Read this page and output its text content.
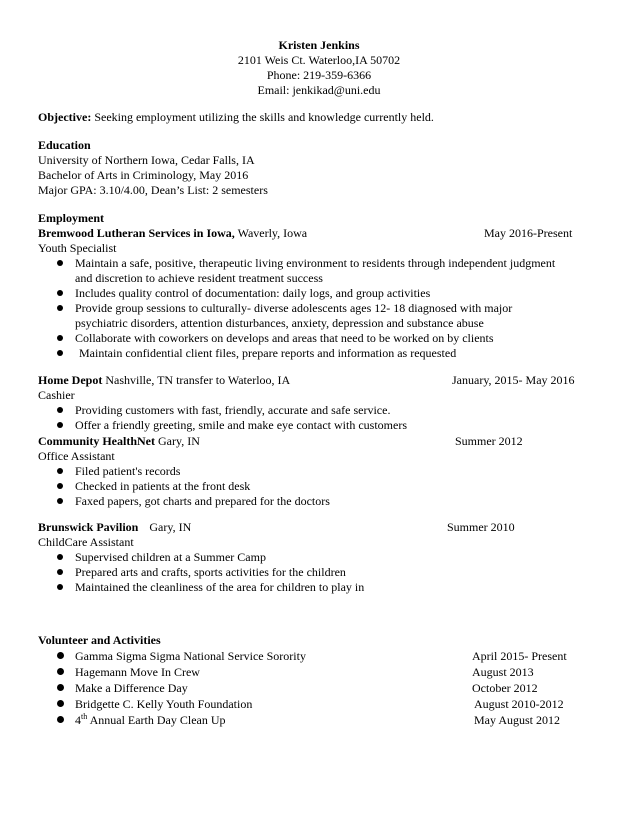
Kristen Jenkins
2101 Weis Ct. Waterloo,IA 50702
Phone: 219-359-6366
Email: jenkikad@uni.edu
Objective: Seeking employment utilizing the skills and knowledge currently held.
Education
University of Northern Iowa, Cedar Falls, IA
Bachelor of Arts in Criminology, May 2016
Major GPA: 3.10/4.00, Dean’s List: 2 semesters
Employment
Bremwood Lutheran Services in Iowa, Waverly, Iowa	May 2016-Present
Youth Specialist
Maintain a safe, positive, therapeutic living environment to residents through independent judgment
and discretion to achieve resident treatment success
Includes quality control of documentation: daily logs, and group activities
Provide group sessions to culturally- diverse adolescents ages 12- 18 diagnosed with major
psychiatric disorders, attention disturbances, anxiety, depression and substance abuse
Collaborate with coworkers on develops and areas that need to be worked on by clients
Maintain confidential client files, prepare reports and information as requested
Home Depot Nashville, TN transfer to Waterloo, IA	January, 2015- May 2016
Cashier
Providing customers with fast, friendly, accurate and safe service.
Offer a friendly greeting, smile and make eye contact with customers
Community HealthNet Gary, IN	Summer 2012
Office Assistant
Filed patient's records
Checked in patients at the front desk
Faxed papers, got charts and prepared for the doctors
Brunswick Pavilion Gary, IN	Summer 2010
ChildCare Assistant
Supervised children at a Summer Camp
Prepared arts and crafts, sports activities for the children
Maintained the cleanliness of the area for children to play in
Volunteer and Activities
Gamma Sigma Sigma National Service Sorority	April 2015- Present
Hagemann Move In Crew	August 2013
Make a Difference Day	October 2012
Bridgette C. Kelly Youth Foundation	August 2010-2012
4th Annual Earth Day Clean Up	May August 2012
